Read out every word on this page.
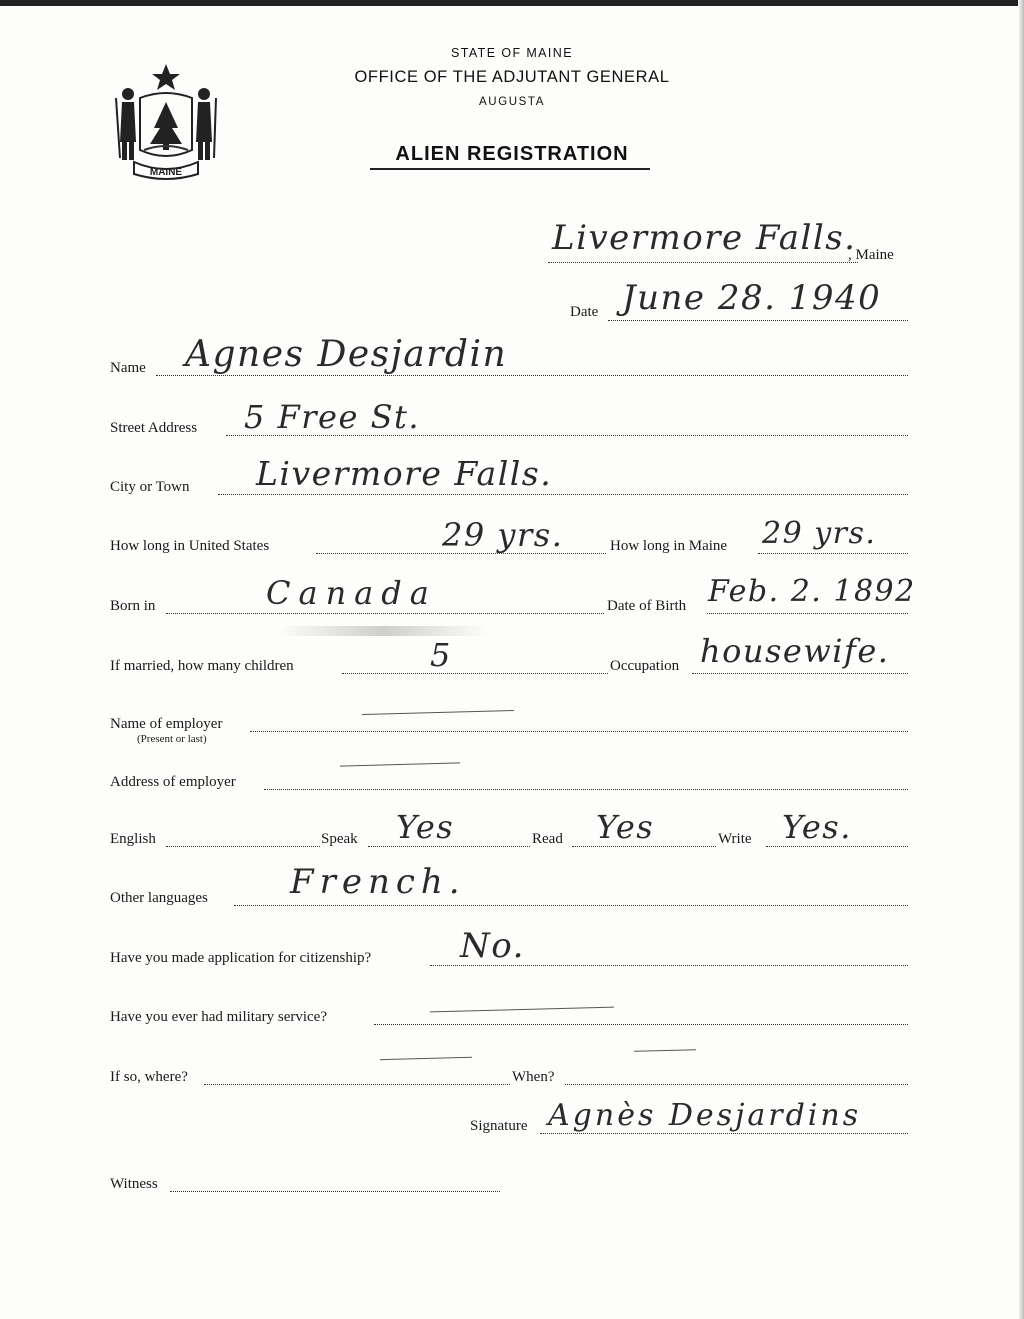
MAINE
STATE OF MAINE
OFFICE OF THE ADJUTANT GENERAL
AUGUSTA
ALIEN REGISTRATION
Livermore Falls.
, Maine
Date June 28. 1940
Name Agnes Desjardin
Street Address 5 Free St.
City or Town Livermore Falls.
How long in United States	29 yrs.	How long in Maine 29 yrs.
Born in	Canada	Date of Birth Feb. 2. 1892
If married, how many children	5	Occupation housewife.
Name of employer
(Present or last)
Address of employer
English	Speak Yes	Read Yes	Write Yes.
Other languages French.
Have you made application for citizenship?	No.
Have you ever had military service?
If so, where?	When?
Signature Agnès Desjardins
Witness
